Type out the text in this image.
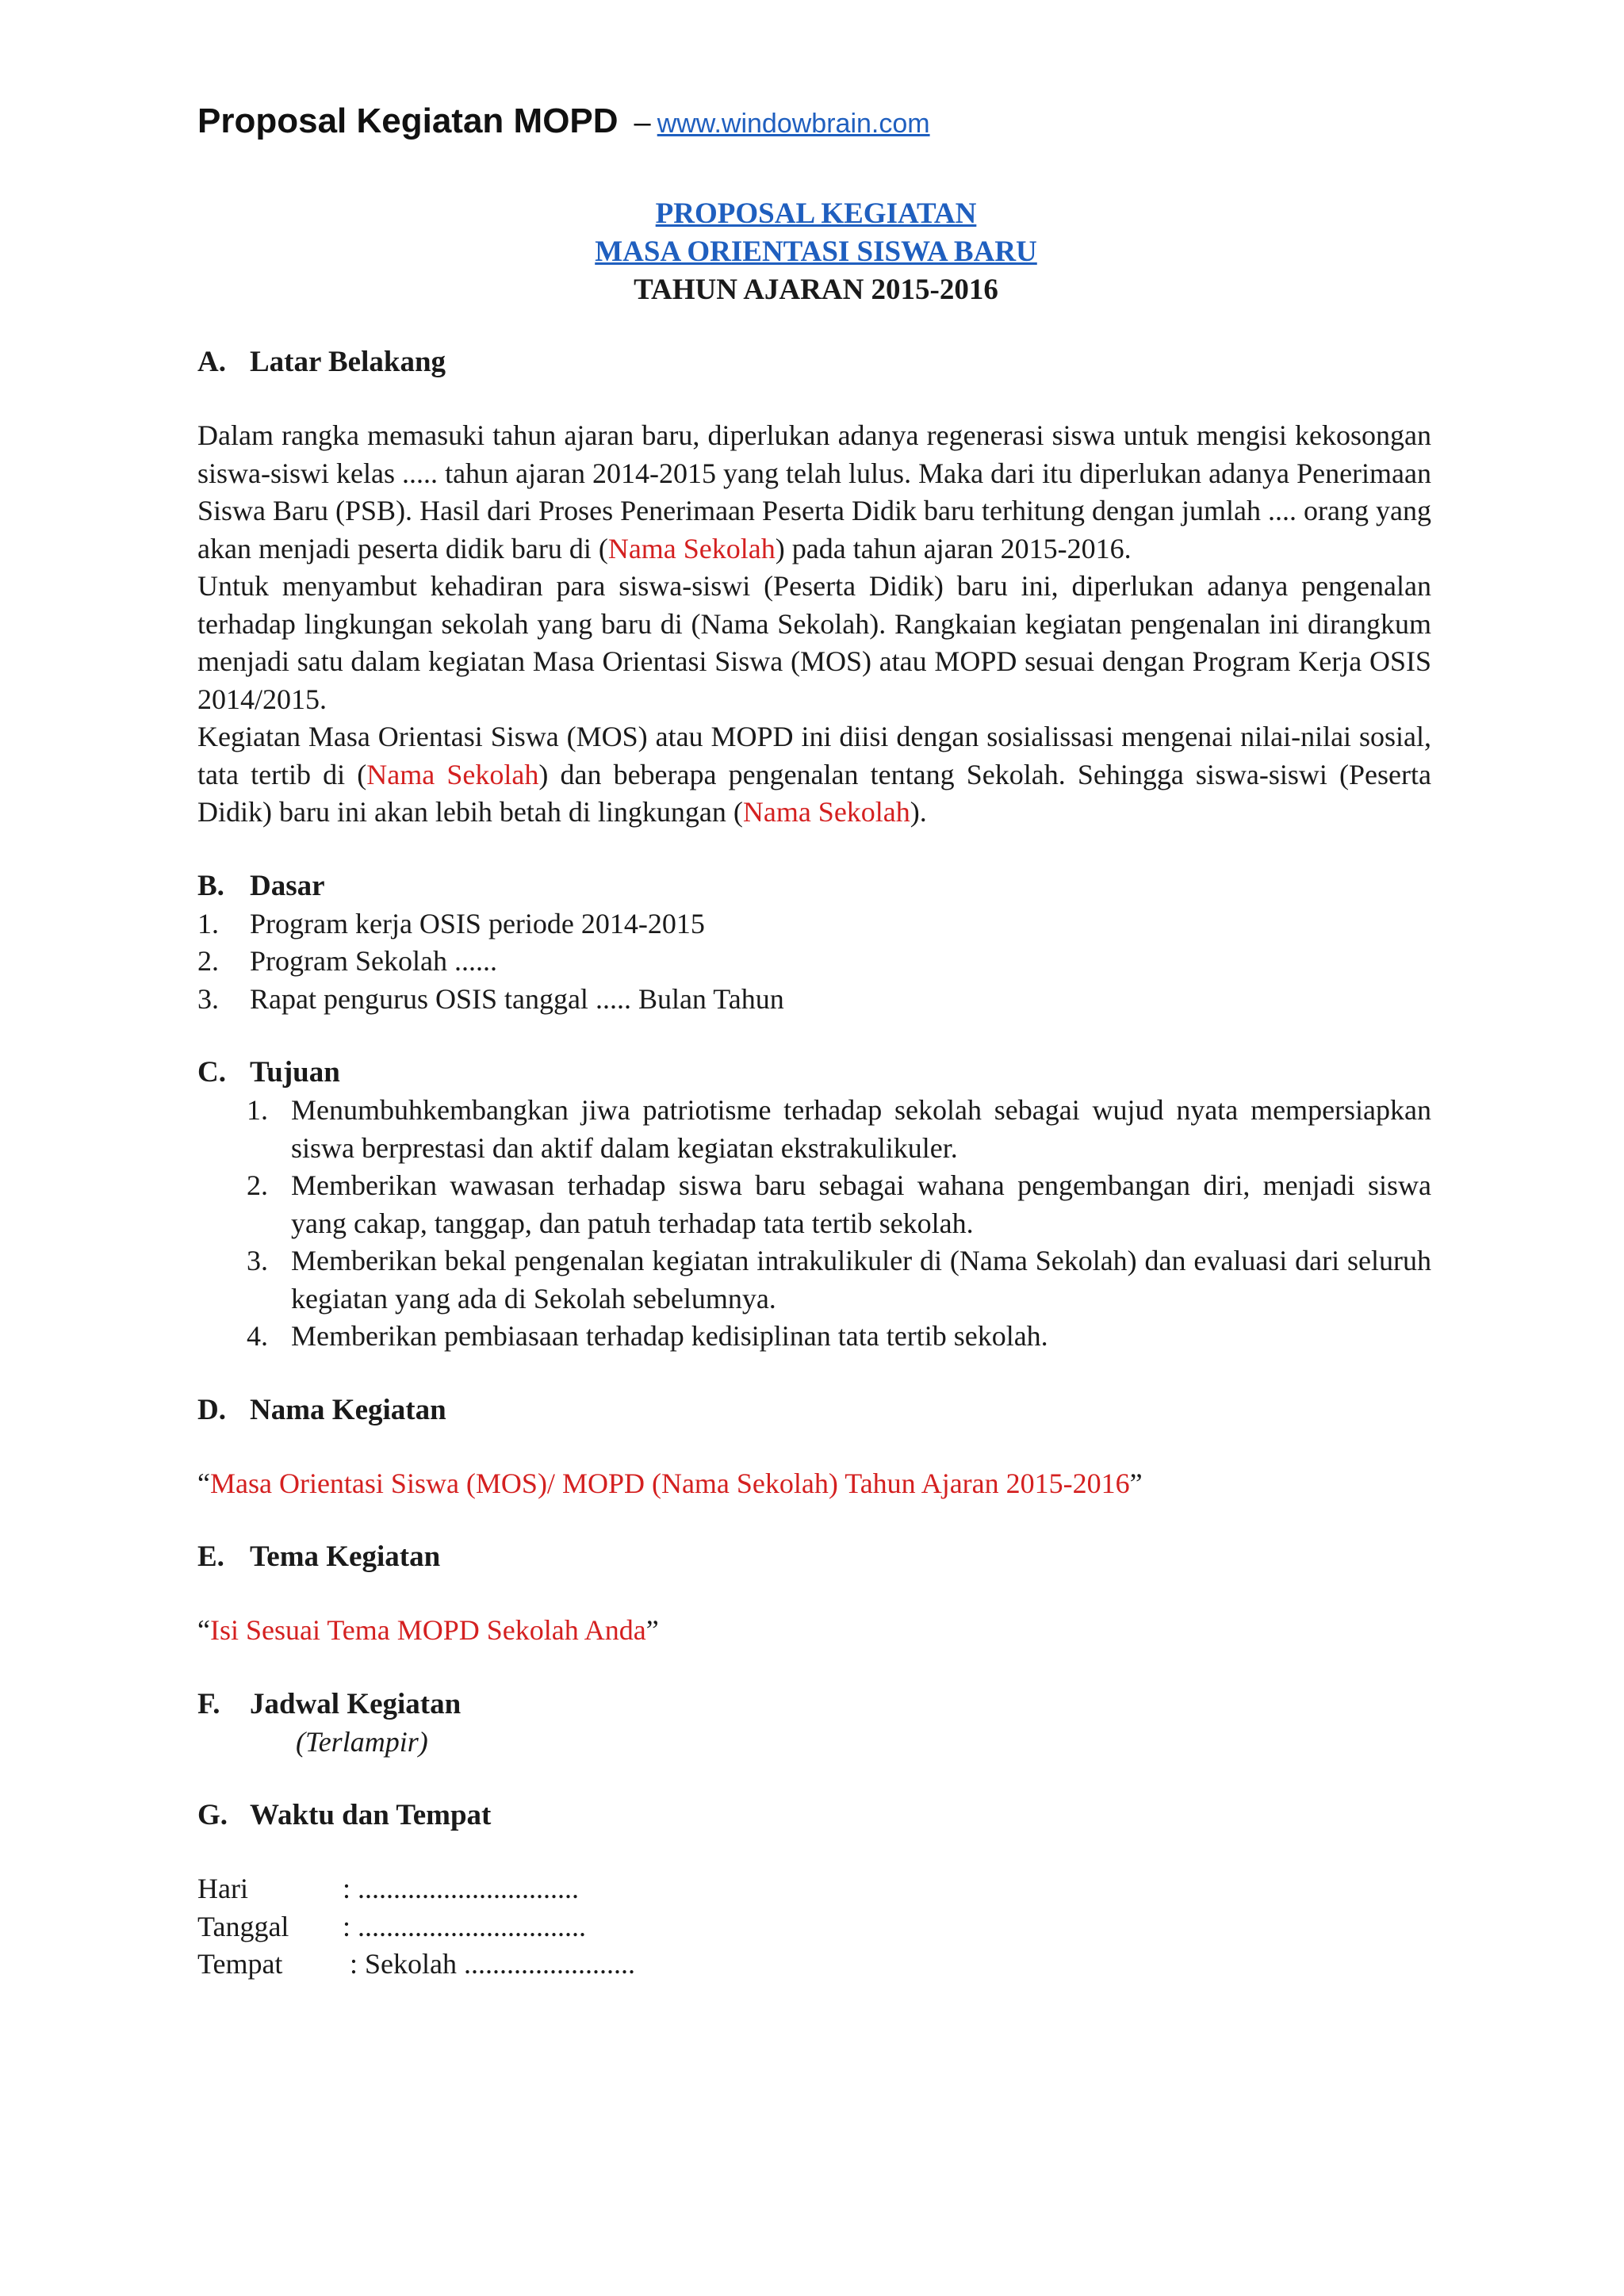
Proposal Kegiatan MOPD – www.windowbrain.com
PROPOSAL KEGIATAN
MASA ORIENTASI SISWA BARU
TAHUN AJARAN 2015-2016
A. Latar Belakang

Dalam rangka memasuki tahun ajaran baru, diperlukan adanya regenerasi siswa untuk mengisi kekosongan siswa-siswi kelas ..... tahun ajaran 2014-2015 yang telah lulus. Maka dari itu diperlukan adanya Penerimaan Siswa Baru (PSB). Hasil dari Proses Penerimaan Peserta Didik baru terhitung dengan jumlah .... orang yang akan menjadi peserta didik baru di (Nama Sekolah) pada tahun ajaran 2015-2016.

Untuk menyambut kehadiran para siswa-siswi (Peserta Didik) baru ini, diperlukan adanya pengenalan terhadap lingkungan sekolah yang baru di (Nama Sekolah). Rangkaian kegiatan pengenalan ini dirangkum menjadi satu dalam kegiatan Masa Orientasi Siswa (MOS) atau MOPD sesuai dengan Program Kerja OSIS 2014/2015.

Kegiatan Masa Orientasi Siswa (MOS) atau MOPD ini diisi dengan sosialissasi mengenai nilai-nilai sosial, tata tertib di (Nama Sekolah) dan beberapa pengenalan tentang Sekolah. Sehingga siswa-siswi (Peserta Didik) baru ini akan lebih betah di lingkungan (Nama Sekolah).

B. Dasar
1.	Program kerja OSIS periode 2014-2015
2.	Program Sekolah ......
3.	Rapat pengurus OSIS tanggal ..... Bulan Tahun
C. Tujuan
1. Menumbuhkembangkan jiwa patriotisme terhadap sekolah sebagai wujud nyata mempersiapkan siswa berprestasi dan aktif dalam kegiatan ekstrakulikuler.
2. Memberikan wawasan terhadap siswa baru sebagai wahana pengembangan diri, menjadi siswa yang cakap, tanggap, dan patuh terhadap tata tertib sekolah.
3. Memberikan bekal pengenalan kegiatan intrakulikuler di (Nama Sekolah) dan evaluasi dari seluruh kegiatan yang ada di Sekolah sebelumnya.
4. Memberikan pembiasaan terhadap kedisiplinan tata tertib sekolah.
D. Nama Kegiatan
“Masa Orientasi Siswa (MOS)/ MOPD (Nama Sekolah) Tahun Ajaran 2015-2016”
E. Tema Kegiatan
“Isi Sesuai Tema MOPD Sekolah Anda”
F. Jadwal Kegiatan
(Terlampir)
G. Waktu dan Tempat
Hari	: ...............................
Tanggal	: ................................
Tempat	: Sekolah ........................
